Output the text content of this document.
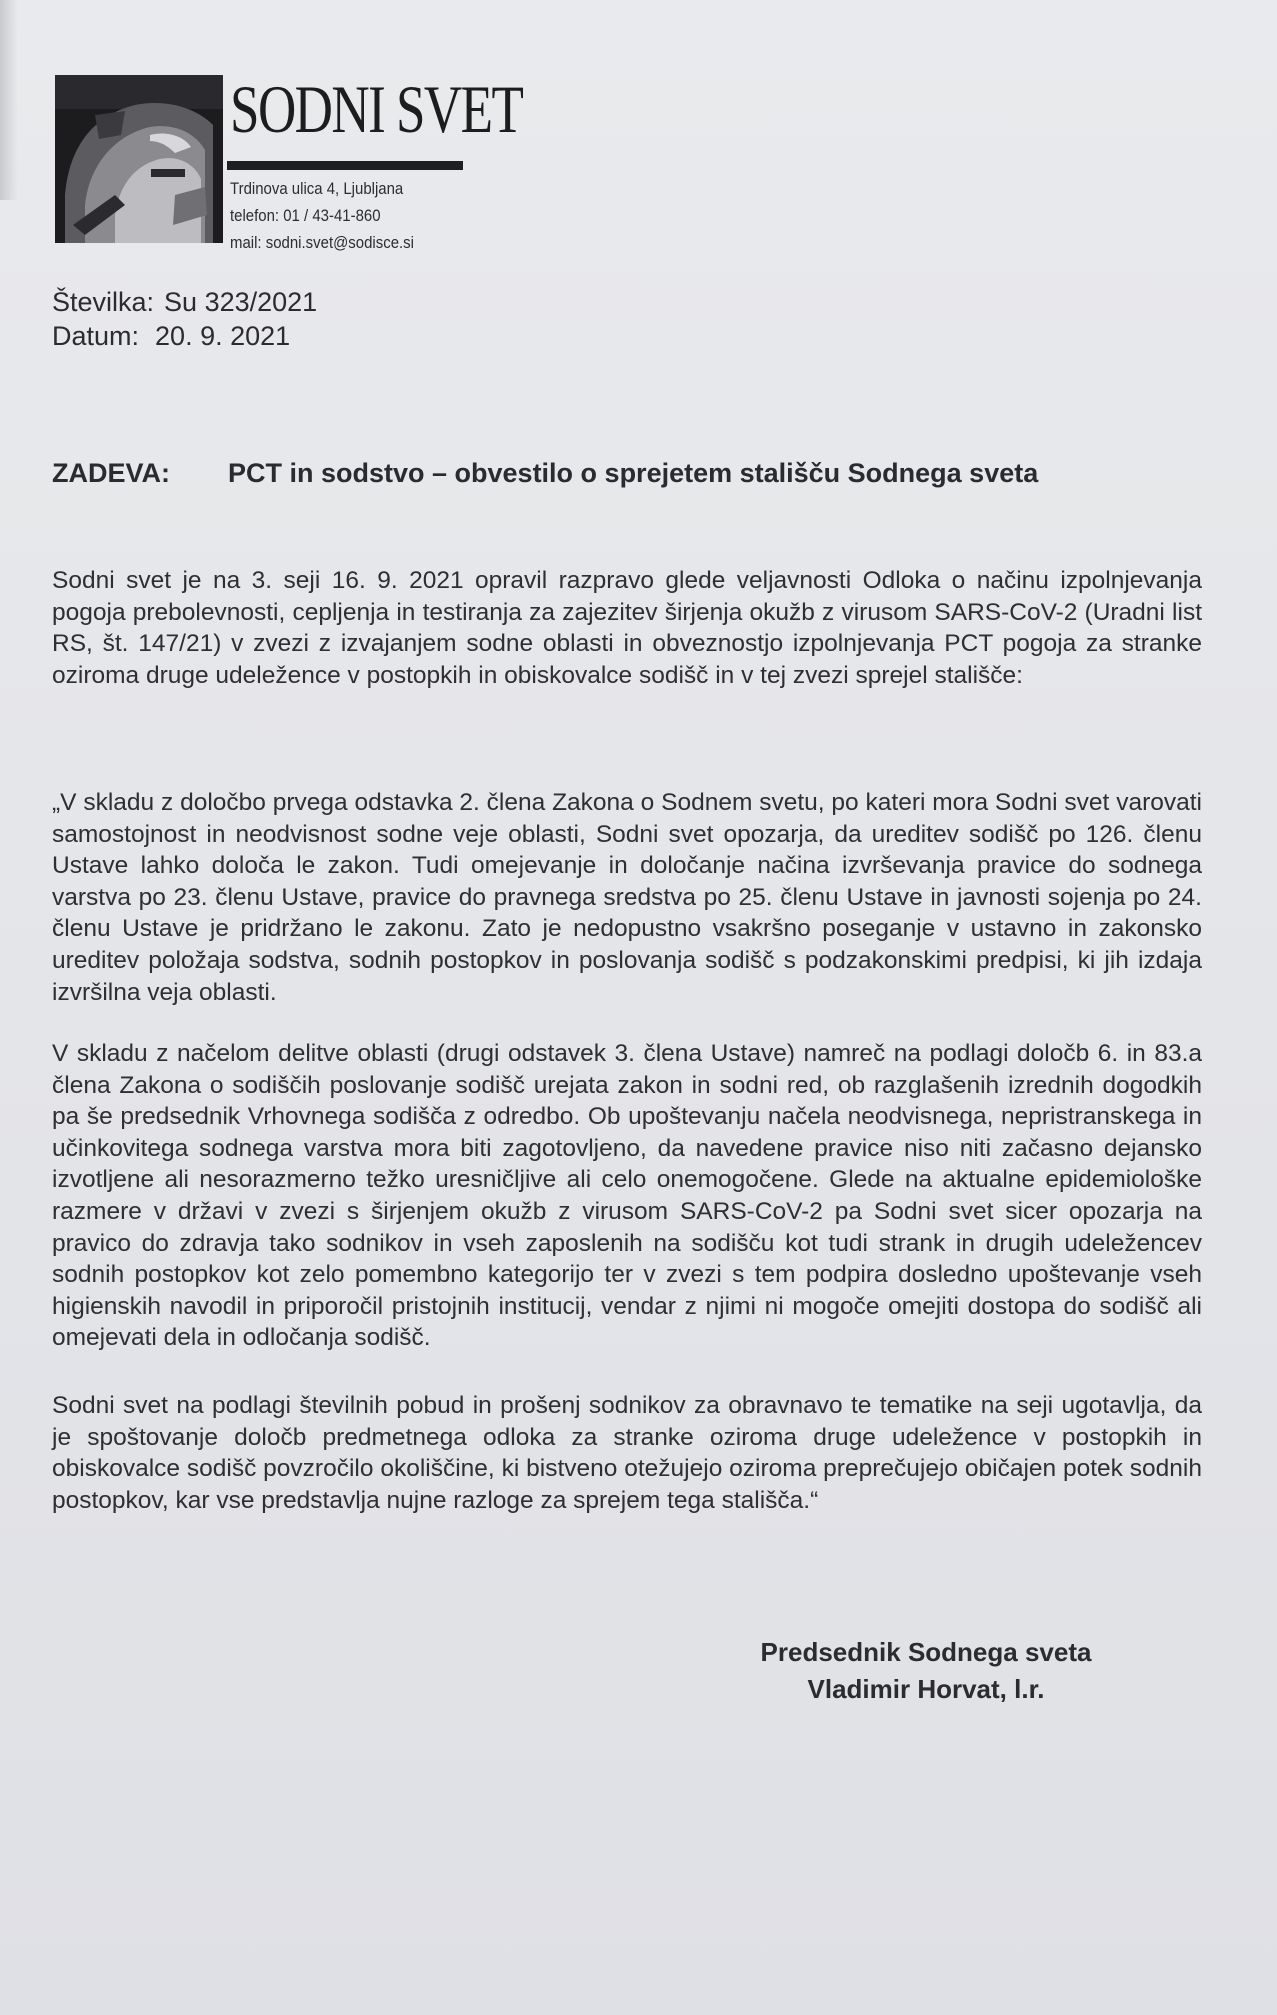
SODNI SVET
Trdinova ulica 4, Ljubljana
telefon: 01 / 43-41-860
mail: sodni.svet@sodisce.si
Številka: Su 323/2021
Datum: 20. 9. 2021
ZADEVA:	PCT in sodstvo – obvestilo o sprejetem stališču Sodnega sveta
Sodni svet je na 3. seji 16. 9. 2021 opravil razpravo glede veljavnosti Odloka o načinu izpolnjevanja pogoja prebolevnosti, cepljenja in testiranja za zajezitev širjenja okužb z virusom SARS-CoV-2 (Uradni list RS, št. 147/21) v zvezi z izvajanjem sodne oblasti in obveznostjo izpolnjevanja PCT pogoja za stranke oziroma druge udeležence v postopkih in obiskovalce sodišč in v tej zvezi sprejel stališče:
„V skladu z določbo prvega odstavka 2. člena Zakona o Sodnem svetu, po kateri mora Sodni svet varovati samostojnost in neodvisnost sodne veje oblasti, Sodni svet opozarja, da ureditev sodišč po 126. členu Ustave lahko določa le zakon. Tudi omejevanje in določanje načina izvrševanja pravice do sodnega varstva po 23. členu Ustave, pravice do pravnega sredstva po 25. členu Ustave in javnosti sojenja po 24. členu Ustave je pridržano le zakonu. Zato je nedopustno vsakršno poseganje v ustavno in zakonsko ureditev položaja sodstva, sodnih postopkov in poslovanja sodišč s podzakonskimi predpisi, ki jih izdaja izvršilna veja oblasti.
V skladu z načelom delitve oblasti (drugi odstavek 3. člena Ustave) namreč na podlagi določb 6. in 83.a člena Zakona o sodiščih poslovanje sodišč urejata zakon in sodni red, ob razglašenih izrednih dogodkih pa še predsednik Vrhovnega sodišča z odredbo. Ob upoštevanju načela neodvisnega, nepristranskega in učinkovitega sodnega varstva mora biti zagotovljeno, da navedene pravice niso niti začasno dejansko izvotljene ali nesorazmerno težko uresničljive ali celo onemogočene. Glede na aktualne epidemiološke razmere v državi v zvezi s širjenjem okužb z virusom SARS-CoV-2 pa Sodni svet sicer opozarja na pravico do zdravja tako sodnikov in vseh zaposlenih na sodišču kot tudi strank in drugih udeležencev sodnih postopkov kot zelo pomembno kategorijo ter v zvezi s tem podpira dosledno upoštevanje vseh higienskih navodil in priporočil pristojnih institucij, vendar z njimi ni mogoče omejiti dostopa do sodišč ali omejevati dela in odločanja sodišč.
Sodni svet na podlagi številnih pobud in prošenj sodnikov za obravnavo te tematike na seji ugotavlja, da je spoštovanje določb predmetnega odloka za stranke oziroma druge udeležence v postopkih in obiskovalce sodišč povzročilo okoliščine, ki bistveno otežujejo oziroma preprečujejo običajen potek sodnih postopkov, kar vse predstavlja nujne razloge za sprejem tega stališča.“
Predsednik Sodnega sveta
Vladimir Horvat, l.r.
